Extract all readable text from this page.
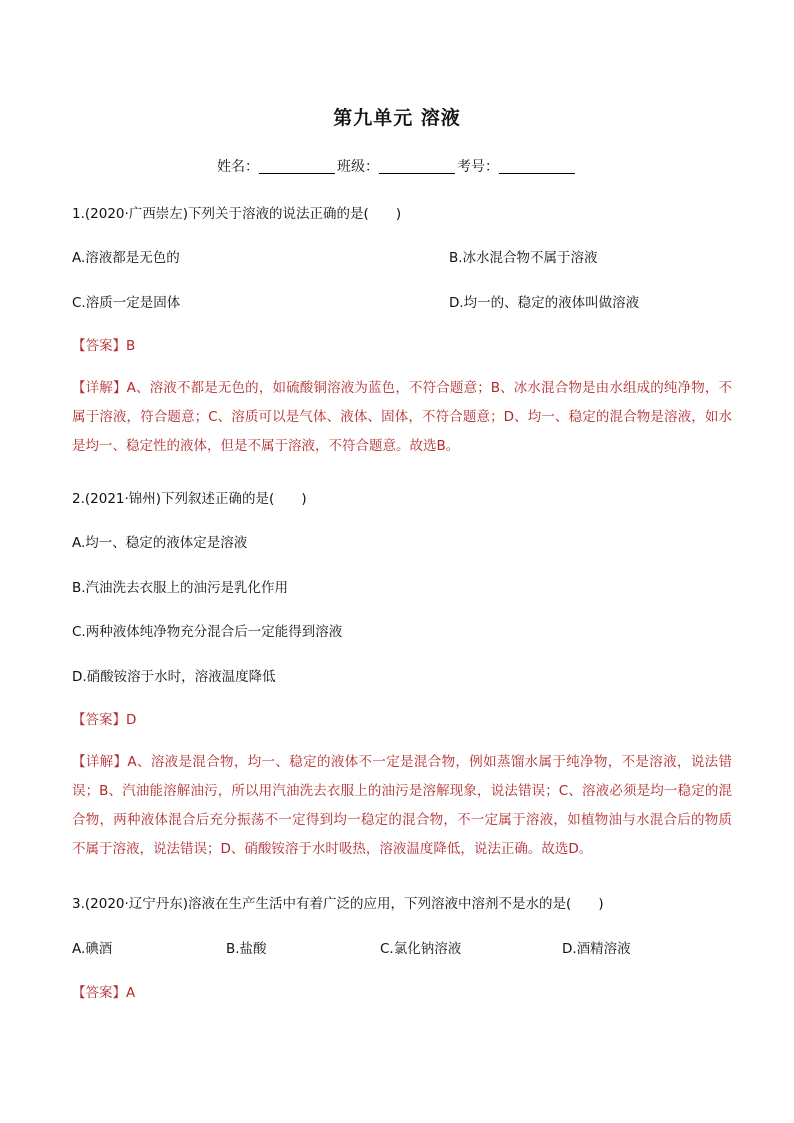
第九单元 溶液
姓名：	班级：	考号：
1.(2020·广西崇左)下列关于溶液的说法正确的是(　　)
A.溶液都是无色的	B.冰水混合物不属于溶液
C.溶质一定是固体	D.均一的、稳定的液体叫做溶液
【答案】B
【详解】A、溶液不都是无色的，如硫酸铜溶液为蓝色，不符合题意；B、冰水混合物是由水组成的纯净物，不属于溶液，符合题意；C、溶质可以是气体、液体、固体，不符合题意；D、均一、稳定的混合物是溶液，如水是均一、稳定性的液体，但是不属于溶液，不符合题意。故选B。
2.(2021·锦州)下列叙述正确的是(　　)
A.均一、稳定的液体定是溶液
B.汽油洗去衣服上的油污是乳化作用
C.两种液体纯净物充分混合后一定能得到溶液
D.硝酸铵溶于水时，溶液温度降低
【答案】D
【详解】A、溶液是混合物，均一、稳定的液体不一定是混合物，例如蒸馏水属于纯净物，不是溶液，说法错误；B、汽油能溶解油污，所以用汽油洗去衣服上的油污是溶解现象，说法错误；C、溶液必须是均一稳定的混合物，两种液体混合后充分振荡不一定得到均一稳定的混合物，不一定属于溶液，如植物油与水混合后的物质不属于溶液，说法错误；D、硝酸铵溶于水时吸热，溶液温度降低，说法正确。故选D。
3.(2020·辽宁丹东)溶液在生产生活中有着广泛的应用，下列溶液中溶剂不是水的是(　　)
A.碘酒	B.盐酸	C.氯化钠溶液	D.酒精溶液
【答案】A
